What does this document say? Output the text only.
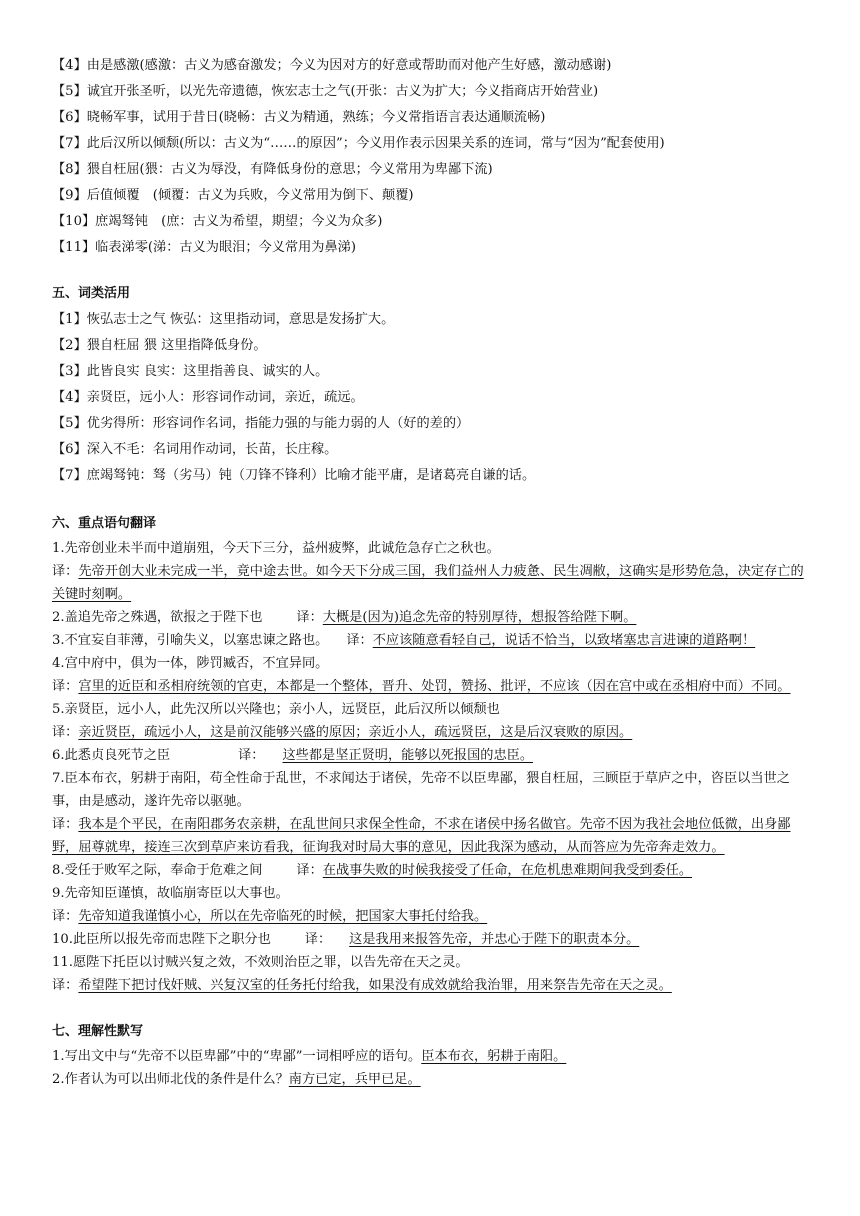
【4】由是感激(感激：古义为感奋激发；今义为因对方的好意或帮助而对他产生好感，激动感谢)
【5】诚宜开张圣听，以光先帝遗德，恢宏志士之气(开张：古义为扩大；今义指商店开始营业)
【6】晓畅军事，试用于昔日(晓畅：古义为精通，熟练；今义常指语言表达通顺流畅)
【7】此后汉所以倾颓(所以：古义为“……的原因”；今义用作表示因果关系的连词，常与“因为”配套使用)
【8】猥自枉屈(猥：古义为辱没，有降低身份的意思；今义常用为卑鄙下流)
【9】后值倾覆　(倾覆：古义为兵败，今义常用为倒下、颠覆)
【10】庶竭驽钝　(庶：古义为希望，期望；今义为众多)
【11】临表涕零(涕：古义为眼泪；今义常用为鼻涕)
五、词类活用
【1】恢弘志士之气 恢弘：这里指动词，意思是发扬扩大。
【2】猥自枉屈 猥 这里指降低身份。
【3】此皆良实 良实：这里指善良、诚实的人。
【4】亲贤臣，远小人：形容词作动词，亲近，疏远。
【5】优劣得所：形容词作名词，指能力强的与能力弱的人（好的差的）
【6】深入不毛：名词用作动词，长苗，长庄稼。
【7】庶竭驽钝：驽（劣马）钝（刀锋不锋利）比喻才能平庸，是诸葛亮自谦的话。
六、重点语句翻译
1.先帝创业未半而中道崩殂，今天下三分，益州疲弊，此诚危急存亡之秋也。
译：先帝开创大业未完成一半，竟中途去世。如今天下分成三国，我们益州人力疲惫、民生凋敝，这确实是形势危急，决定存亡的关键时刻啊。
2.盖追先帝之殊遇，欲报之于陛下也	译：大概是(因为)追念先帝的特别厚待，想报答给陛下啊。
3.不宜妄自菲薄，引喻失义，以塞忠谏之路也。 译：不应该随意看轻自己，说话不恰当，以致堵塞忠言进谏的道路啊！
4.宫中府中，俱为一体，陟罚臧否，不宜异同。
译：宫里的近臣和丞相府统领的官吏，本都是一个整体，晋升、处罚，赞扬、批评，不应该（因在宫中或在丞相府中而）不同。
5.亲贤臣，远小人，此先汉所以兴隆也；亲小人，远贤臣，此后汉所以倾颓也
译：亲近贤臣，疏远小人，这是前汉能够兴盛的原因；亲近小人，疏远贤臣，这是后汉衰败的原因。
6.此悉贞良死节之臣	译： 这些都是坚正贤明，能够以死报国的忠臣。
7.臣本布衣，躬耕于南阳，苟全性命于乱世，不求闻达于诸侯，先帝不以臣卑鄙，猥自枉屈，三顾臣于草庐之中，咨臣以当世之事，由是感动，遂许先帝以驱驰。
译：我本是个平民，在南阳郡务农亲耕，在乱世间只求保全性命，不求在诸侯中扬名做官。先帝不因为我社会地位低微，出身鄙野，屈尊就卑，接连三次到草庐来访看我，征询我对时局大事的意见，因此我深为感动，从而答应为先帝奔走效力。
8.受任于败军之际，奉命于危难之间	译：在战事失败的时候我接受了任命，在危机患难期间我受到委任。
9.先帝知臣谨慎，故临崩寄臣以大事也。
译：先帝知道我谨慎小心，所以在先帝临死的时候，把国家大事托付给我。
10.此臣所以报先帝而忠陛下之职分也	译： 这是我用来报答先帝，并忠心于陛下的职责本分。
11.愿陛下托臣以讨贼兴复之效，不效则治臣之罪，以告先帝在天之灵。
译：希望陛下把讨伐奸贼、兴复汉室的任务托付给我，如果没有成效就给我治罪，用来祭告先帝在天之灵。
七、理解性默写
1.写出文中与“先帝不以臣卑鄙”中的“卑鄙”一词相呼应的语句。臣本布衣，躬耕于南阳。
2.作者认为可以出师北伐的条件是什么？南方已定，兵甲已足。
